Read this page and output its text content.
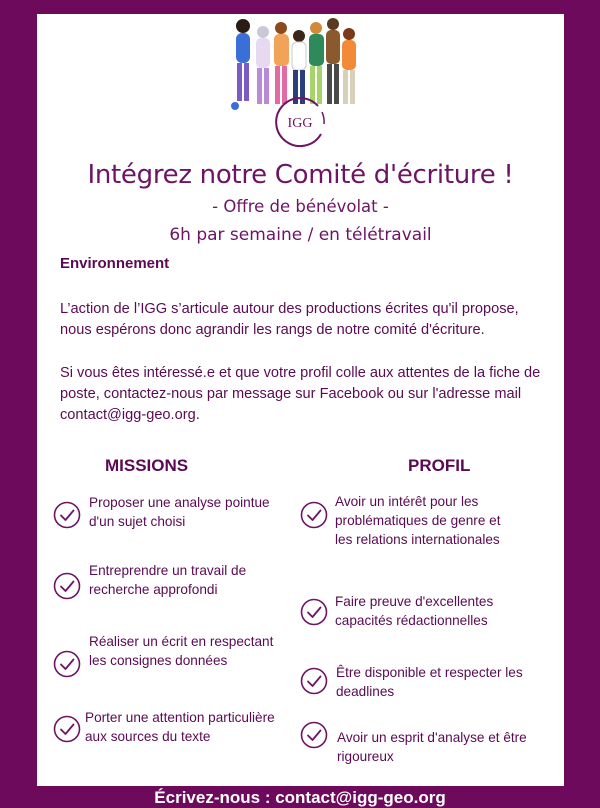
IGG
Intégrez notre Comité d'écriture !
- Offre de bénévolat -
6h par semaine / en télétravail
Environnement
L’action de l’IGG s’articule autour des productions écrites qu'il propose, nous espérons donc agrandir les rangs de notre comité d'écriture.
Si vous êtes intéressé.e et que votre profil colle aux attentes de la fiche de poste, contactez-nous par message sur Facebook ou sur l'adresse mail contact@igg-geo.org.
MISSIONS	PROFIL
Proposer une analyse pointue d'un sujet choisi
Entreprendre un travail de recherche approfondi
Réaliser un écrit en respectant les consignes données
Porter une attention particulière aux sources du texte
Avoir un intérêt pour les problématiques de genre et les relations internationales
Faire preuve d'excellentes capacités rédactionnelles
Être disponible et respecter les deadlines
Avoir un esprit d'analyse et être rigoureux
Écrivez-nous : contact@igg-geo.org
